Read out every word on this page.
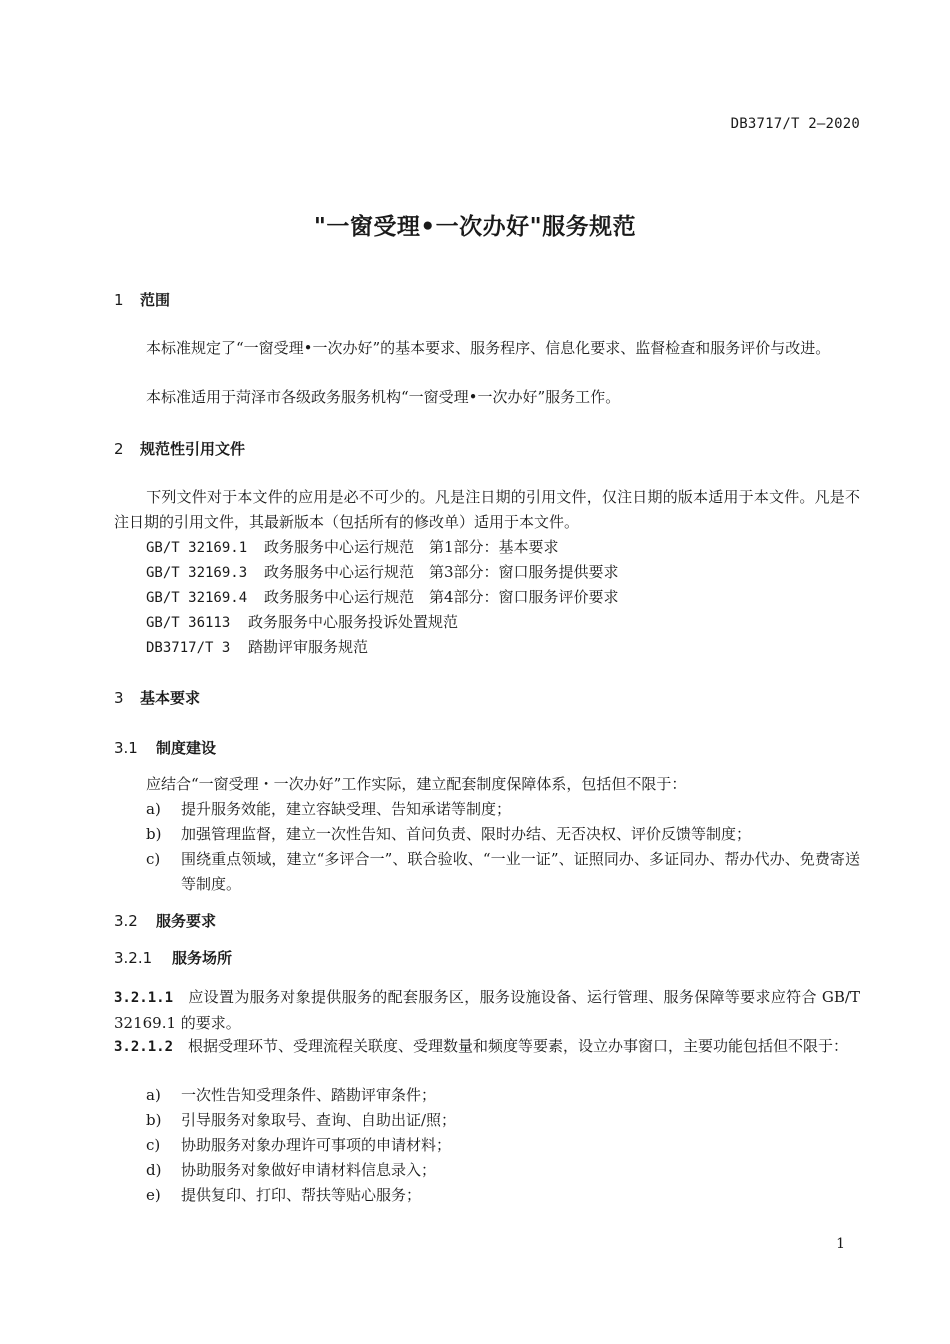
DB3717/T 2—2020
"一窗受理•一次办好"服务规范
1 范围
本标准规定了“一窗受理•一次办好”的基本要求、服务程序、信息化要求、监督检查和服务评价与改进。
本标准适用于菏泽市各级政务服务机构“一窗受理•一次办好”服务工作。
2 规范性引用文件
下列文件对于本文件的应用是必不可少的。凡是注日期的引用文件，仅注日期的版本适用于本文件。凡是不注日期的引用文件，其最新版本（包括所有的修改单）适用于本文件。
GB/T 32169.1 政务服务中心运行规范　第1部分：基本要求
GB/T 32169.3 政务服务中心运行规范　第3部分：窗口服务提供要求
GB/T 32169.4 政务服务中心运行规范　第4部分：窗口服务评价要求
GB/T 36113 政务服务中心服务投诉处置规范
DB3717/T 3 踏勘评审服务规范
3 基本要求
3.1 制度建设
应结合“一窗受理・一次办好”工作实际，建立配套制度保障体系，包括但不限于：
a)	提升服务效能，建立容缺受理、告知承诺等制度；
b)	加强管理监督，建立一次性告知、首问负责、限时办结、无否决权、评价反馈等制度；
c)	围绕重点领域，建立“多评合一”、联合验收、“一业一证”、证照同办、多证同办、帮办代办、免费寄送等制度。
3.2 服务要求
3.2.1 服务场所
3.2.1.1 应设置为服务对象提供服务的配套服务区，服务设施设备、运行管理、服务保障等要求应符合 GB/T 32169.1 的要求。
3.2.1.2 根据受理环节、受理流程关联度、受理数量和频度等要素，设立办事窗口，主要功能包括但不限于：
a)	一次性告知受理条件、踏勘评审条件；
b)	引导服务对象取号、查询、自助出证/照；
c)	协助服务对象办理许可事项的申请材料；
d)	协助服务对象做好申请材料信息录入；
e)	提供复印、打印、帮扶等贴心服务；
1
